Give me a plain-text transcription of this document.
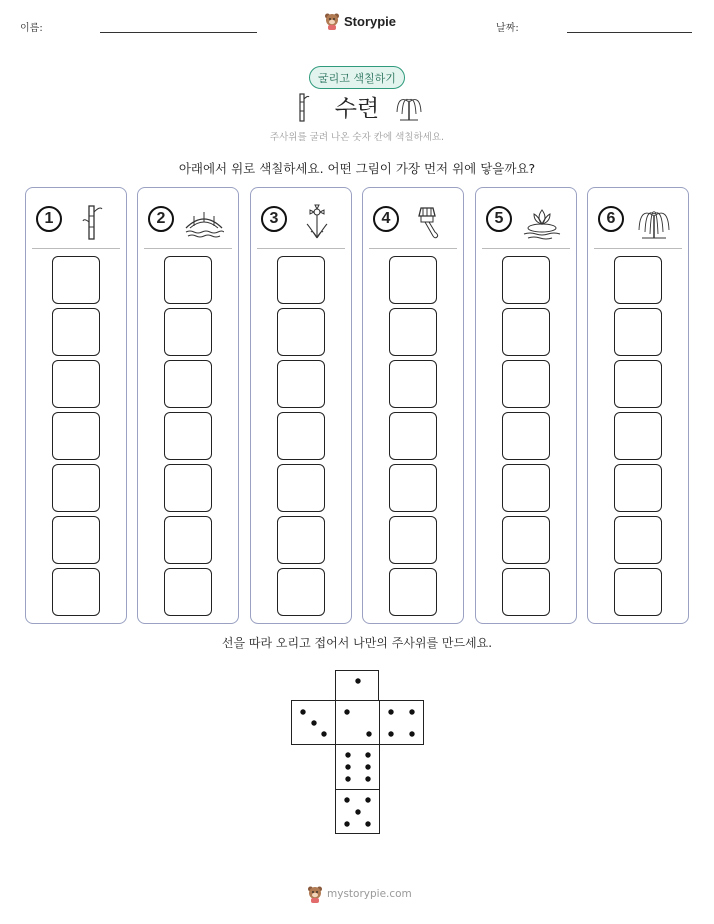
이름:	날짜:
Storypie
굴리고 색칠하기
수련
주사위를 굴려 나온 숫자 칸에 색칠하세요.
아래에서 위로 색칠하세요. 어떤 그림이 가장 먼저 위에 닿을까요?
1	2	3	4	5	6
선을 따라 오리고 접어서 나만의 주사위를 만드세요.
mystorypie.com
